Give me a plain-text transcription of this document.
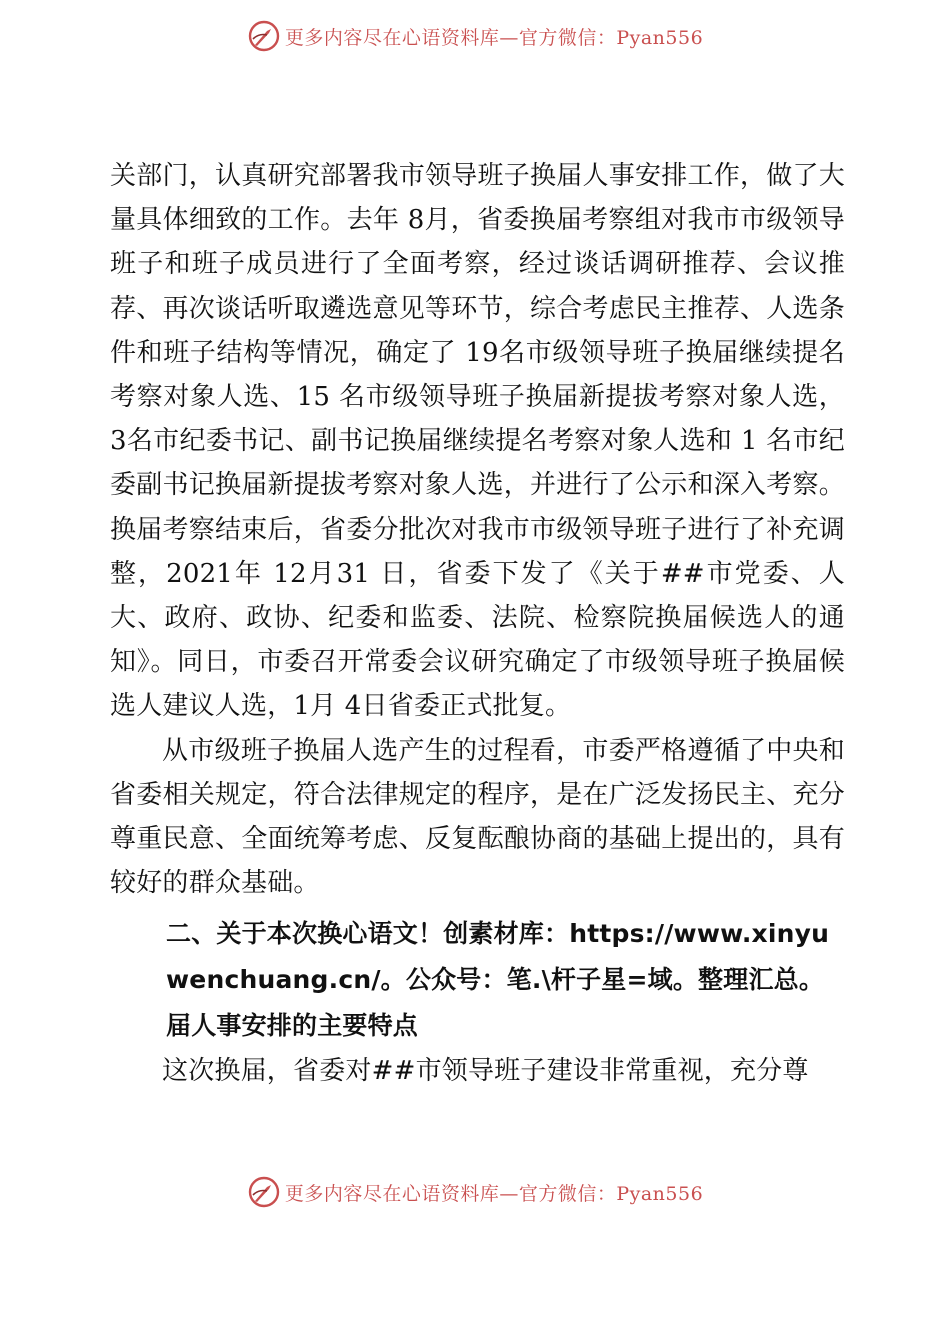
更多内容尽在心语资料库—官方微信：Pyan556

关部门，认真研究部署我市领导班子换届人事安排工作，做了大量具体细致的工作。去年 8月，省委换届考察组对我市市级领导班子和班子成员进行了全面考察，经过谈话调研推荐、会议推荐、再次谈话听取遴选意见等环节，综合考虑民主推荐、人选条件和班子结构等情况，确定了 19名市级领导班子换届继续提名考察对象人选、15 名市级领导班子换届新提拔考察对象人选，3名市纪委书记、副书记换届继续提名考察对象人选和 1 名市纪委副书记换届新提拔考察对象人选，并进行了公示和深入考察。换届考察结束后，省委分批次对我市市级领导班子进行了补充调整，2021年 12月31 日，省委下发了《关于##市党委、人大、政府、政协、纪委和监委、法院、检察院换届候选人的通知》。同日，市委召开常委会议研究确定了市级领导班子换届候选人建议人选，1月 4日省委正式批复。

从市级班子换届人选产生的过程看，市委严格遵循了中央和省委相关规定，符合法律规定的程序，是在广泛发扬民主、充分尊重民意、全面统筹考虑、反复酝酿协商的基础上提出的，具有较好的群众基础。

二、关于本次换心语文！创素材库：https://www.xinyuwenchuang.cn/。公众号：笔.\杆子星=域。整理汇总。届人事安排的主要特点

这次换届，省委对##市领导班子建设非常重视，充分尊

更多内容尽在心语资料库—官方微信：Pyan556
